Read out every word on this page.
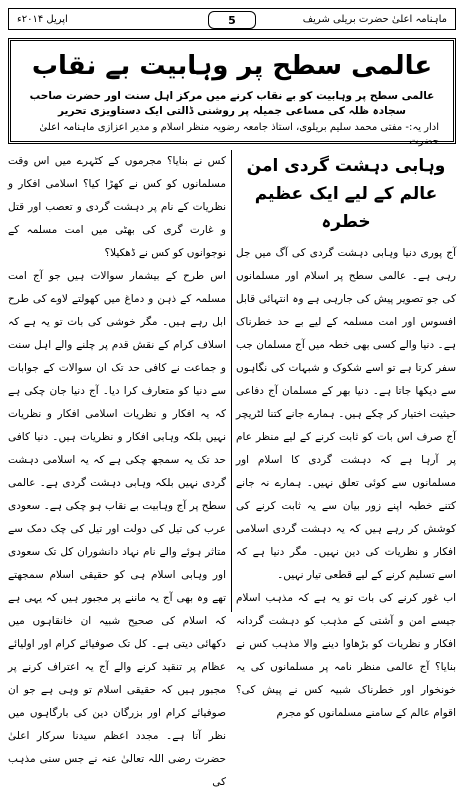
ماہنامہ اعلیٰ حضرت بریلی شریف
اپریل ۲۰۱۴ء	5
عالمی سطح پر وہابیت بے نقاب
عالمی سطح پر وہابیت کو بے نقاب کرنے میں مرکز اہل سنت اور حضرت صاحب سجادہ ظلہ کی مساعی جمیلہ پر روشنی ڈالتی ایک دستاویزی تحریر
ادار یہ:- مفتی محمد سلیم بریلوی، استاذ جامعہ رضویہ منظر اسلام و مدیر اعزازی ماہنامہ اعلیٰ حضرت
وہابی دہشت گردی امن عالم کے لیے ایک عظیم خطرہ

آج پوری دنیا وہابی دہشت گردی کی آگ میں جل رہی ہے۔ عالمی سطح پر اسلام اور مسلمانوں کی جو تصویر پیش کی جارہی ہے وہ انتہائی قابل افسوس اور امت مسلمہ کے لیے بے حد خطرناک ہے۔ دنیا والے کسی بھی خطہ میں آج مسلمان جب سفر کرتا ہے تو اسے شکوک و شبہات کی نگاہوں سے دیکھا جاتا ہے۔ دنیا بھر کے مسلمان آج دفاعی حیثیت اختیار کر چکے ہیں۔ ہمارے جانے کتنا لٹریچر آج صرف اس بات کو ثابت کرنے کے لیے منظر عام پر آرہا ہے کہ دہشت گردی کا اسلام اور مسلمانوں سے کوئی تعلق نہیں۔ ہمارے نہ جانے کتنے خطبہ اپنے زور بیان سے یہ ثابت کرنے کی کوشش کر رہے ہیں کہ یہ دہشت گردی اسلامی افکار و نظریات کی دین نہیں۔ مگر دنیا ہے کہ اسے تسلیم کرنے کے لیے قطعی تیار نہیں۔

اب غور کرنے کی بات تو یہ ہے کہ مذہب اسلام جیسے امن و آشتی کے مذہب کو دہشت گردانہ افکار و نظریات کو بڑھاوا دینے والا مذہب کس نے بنایا؟ آج عالمی منظر نامہ پر مسلمانوں کی یہ خونخوار اور خطرناک شبیہ کس نے پیش کی؟ اقوام عالم کے سامنے مسلمانوں کو مجرم

کس نے بنایا؟ مجرموں کے کٹہرے میں اس وقت مسلمانوں کو کس نے کھڑا کیا؟ اسلامی افکار و نظریات کے نام پر دہشت گردی و تعصب اور قتل و غارت گری کی بھٹی میں امت مسلمہ کے نوجوانوں کو کس نے ڈھکیلا؟

اس طرح کے بیشمار سوالات ہیں جو آج امت مسلمہ کے ذہن و دماغ میں کھولتے لاوے کی طرح ابل رہے ہیں۔ مگر خوشی کی بات تو یہ ہے کہ اسلاف کرام کے نقش قدم پر چلنے والے اہل سنت و جماعت نے کافی حد تک ان سوالات کے جوابات سے دنیا کو متعارف کرا دیا۔ آج دنیا جان چکی ہے کہ یہ افکار و نظریات اسلامی افکار و نظریات نہیں بلکہ وہابی افکار و نظریات ہیں۔ دنیا کافی حد تک یہ سمجھ چکی ہے کہ یہ اسلامی دہشت گردی نہیں بلکہ وہابی دہشت گردی ہے۔ عالمی سطح پر آج وہابیت بے نقاب ہو چکی ہے۔ سعودی عرب کی تیل کی دولت اور تیل کی چک دمک سے متاثر ہوئے والے نام نہاد دانشوران کل تک سعودی اور وہابی اسلام ہی کو حقیقی اسلام سمجھتے تھے وہ بھی آج یہ ماننے پر مجبور ہیں کہ یہی ہے کہ اسلام کی صحیح شبیہ ان خانقاہوں میں دکھائی دیتی ہے۔ کل تک صوفیائے کرام اور اولیائے عظام پر تنقید کرنے والے آج یہ اعتراف کرنے پر مجبور ہیں کہ حقیقی اسلام تو وہی ہے جو ان صوفیائے کرام اور بزرگان دین کی بارگاہوں میں نظر آتا ہے۔ مجدد اعظم سیدنا سرکار اعلیٰ حضرت رضی اللہ تعالیٰ عنہ نے جس سنی مذہب کی
